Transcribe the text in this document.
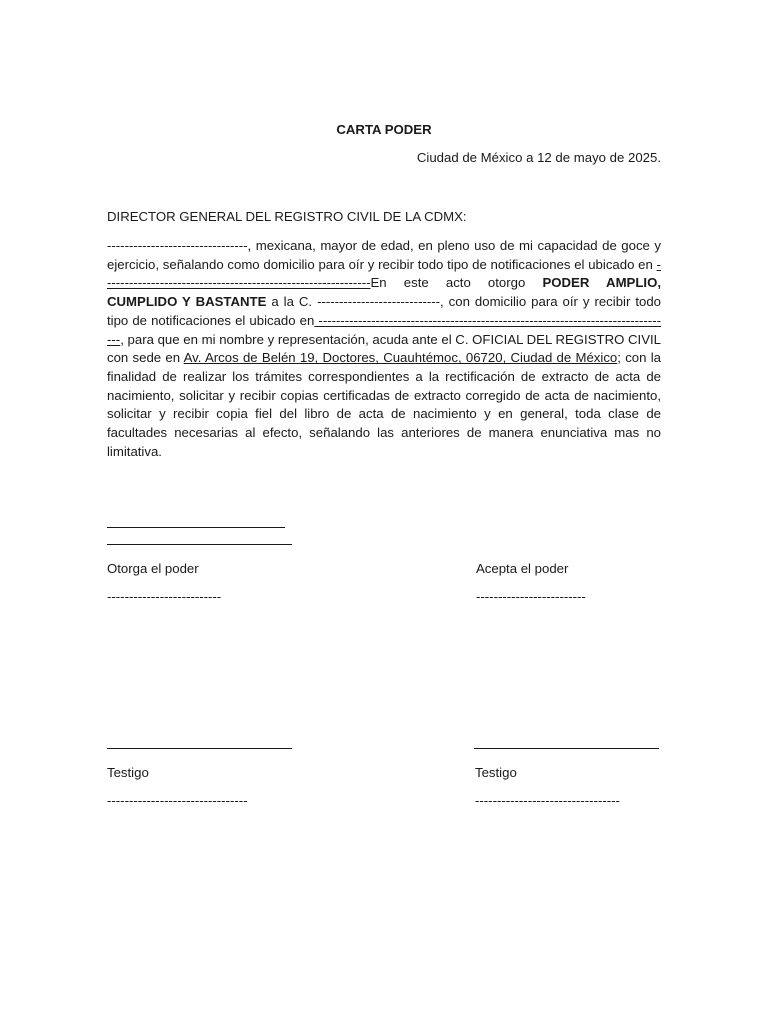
CARTA PODER
Ciudad de México a 12 de mayo de 2025.
DIRECTOR GENERAL DEL REGISTRO CIVIL DE LA CDMX:

--------------------------------, mexicana, mayor de edad, en pleno uso de mi capacidad de goce y ejercicio, señalando como domicilio para oír y recibir todo tipo de notificaciones el ubicado en -------------------------------------------------------------En este acto otorgo PODER AMPLIO, CUMPLIDO Y BASTANTE a la C. ----------------------------, con domicilio para oír y recibir todo tipo de notificaciones el ubicado en ---------------------------------------------------------------------------------, para que en mi nombre y representación, acuda ante el C. OFICIAL DEL REGISTRO CIVIL con sede en Av. Arcos de Belén 19, Doctores, Cuauhtémoc, 06720, Ciudad de México; con la finalidad de realizar los trámites correspondientes a la rectificación de extracto de acta de nacimiento, solicitar y recibir copias certificadas de extracto corregido de acta de nacimiento, solicitar y recibir copia fiel del libro de acta de nacimiento y en general, toda clase de facultades necesarias al efecto, señalando las anteriores de manera enunciativa mas no limitativa.

Otorga el poder
--------------------------
Acepta el poder
-------------------------
Testigo
--------------------------------
Testigo
---------------------------------
